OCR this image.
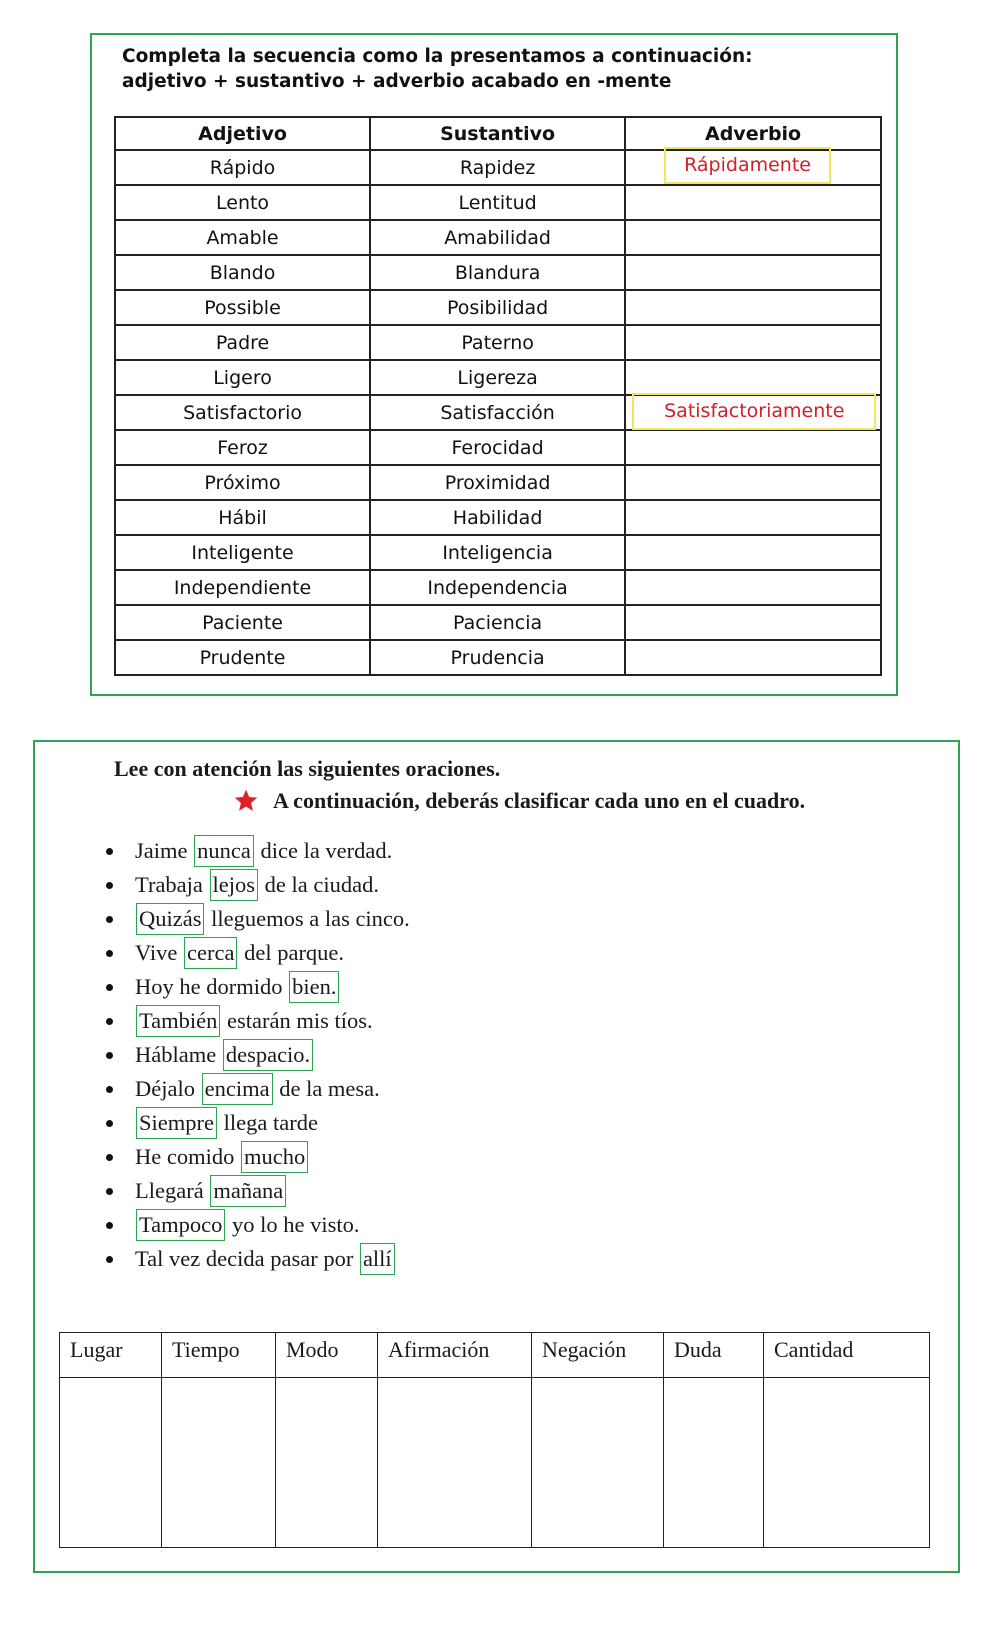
Completa la secuencia como la presentamos a continuación: adjetivo + sustantivo + adverbio acabado en -mente
Adjetivo	Sustantivo	Adverbio
Rápido	Rapidez	Rápidamente

Lento	Lentitud	
Amable	Amabilidad	
Blando	Blandura	
Possible	Posibilidad	
Padre	Paterno	
Ligero	Ligereza	
Satisfactorio	Satisfacción	Satisfactoriamente

Feroz	Ferocidad	
Próximo	Proximidad	
Hábil	Habilidad	
Inteligente	Inteligencia	
Independiente	Independencia	
Paciente	Paciencia	
Prudente	Prudencia	
Lee con atención las siguientes oraciones.
A continuación, deberás clasificar cada uno en el cuadro.
Jaime nunca dice la verdad.
Trabaja lejos de la ciudad.
Quizás lleguemos a las cinco.
Vive cerca del parque.
Hoy he dormido bien.
También estarán mis tíos.
Háblame despacio.
Déjalo encima de la mesa.
Siempre llega tarde
He comido mucho
Llegará mañana
Tampoco yo lo he visto.
Tal vez decida pasar por allí
Lugar	Tiempo	Modo	Afirmación	Negación	Duda	Cantidad
